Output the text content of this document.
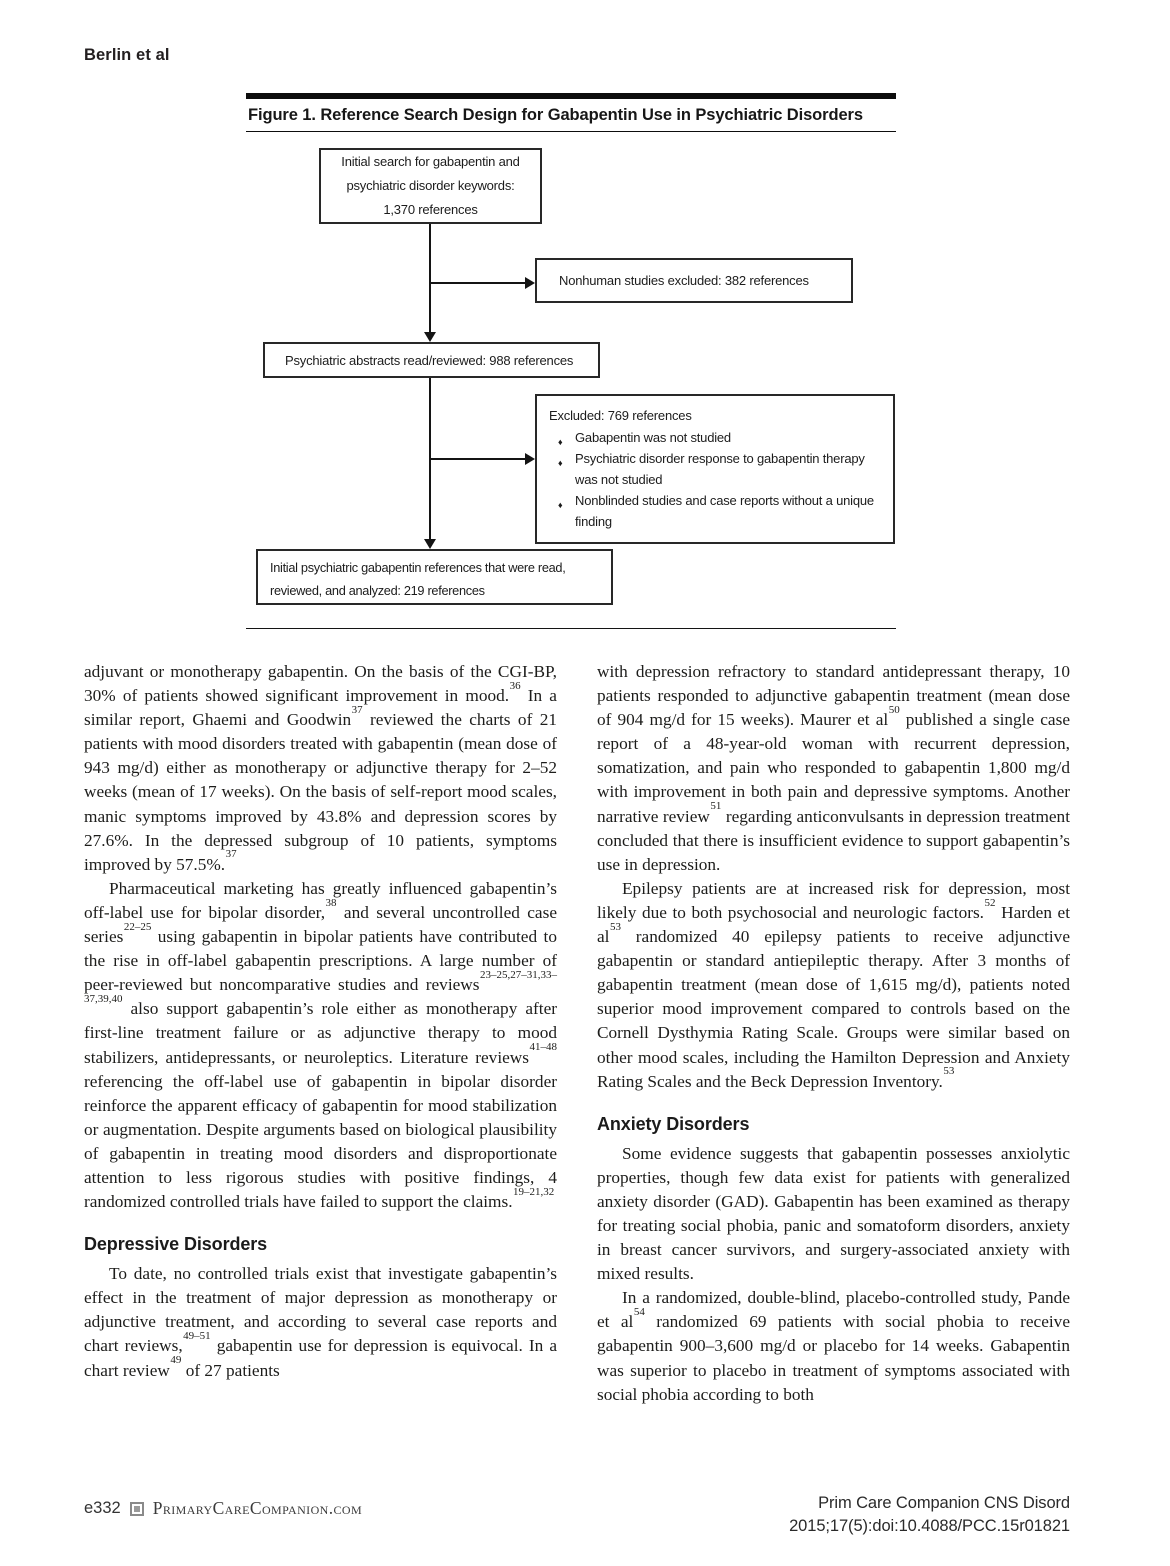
Berlin et al
Figure 1. Reference Search Design for Gabapentin Use in Psychiatric Disorders
Initial search for gabapentin and
psychiatric disorder keywords:
1,370 references
Nonhuman studies excluded: 382 references
Psychiatric abstracts read/reviewed: 988 references
Excluded: 769 references
♦ Gabapentin was not studied
♦ Psychiatric disorder response to gabapentin therapy was not studied
♦ Nonblinded studies and case reports without a unique finding
Initial psychiatric gabapentin references that were read,
reviewed, and analyzed: 219 references

adjuvant or monotherapy gabapentin. On the basis of the CGI-BP, 30% of patients showed significant improvement in mood.$^{36}$ In a similar report, Ghaemi and Goodwin$^{37}$ reviewed the charts of 21 patients with mood disorders treated with gabapentin (mean dose of 943 mg/d) either as monotherapy or adjunctive therapy for 2–52 weeks (mean of 17 weeks). On the basis of self-report mood scales, manic symptoms improved by 43.8% and depression scores by 27.6%. In the depressed subgroup of 10 patients, symptoms improved by 57.5%.$^{37}$

Pharmaceutical marketing has greatly influenced gabapentin’s off-label use for bipolar disorder,$^{38}$ and several uncontrolled case series$^{22-25}$ using gabapentin in bipolar patients have contributed to the rise in off-label gabapentin prescriptions. A large number of peer-reviewed but noncomparative studies and reviews$^{23-25,27-31,33-37,39,40}$ also support gabapentin’s role either as monotherapy after first-line treatment failure or as adjunctive therapy to mood stabilizers, antidepressants, or neuroleptics. Literature reviews$^{41-48}$ referencing the off-label use of gabapentin in bipolar disorder reinforce the apparent efficacy of gabapentin for mood stabilization or augmentation. Despite arguments based on biological plausibility of gabapentin in treating mood disorders and disproportionate attention to less rigorous studies with positive findings, 4 randomized controlled trials have failed to support the claims.$^{19-21,32}$

Depressive Disorders

To date, no controlled trials exist that investigate gabapentin’s effect in the treatment of major depression as monotherapy or adjunctive treatment, and according to several case reports and chart reviews,$^{49-51}$ gabapentin use for depression is equivocal. In a chart review$^{49}$ of 27 patients

with depression refractory to standard antidepressant therapy, 10 patients responded to adjunctive gabapentin treatment (mean dose of 904 mg/d for 15 weeks). Maurer et $al^{50}$ published a single case report of a 48-year-old woman with recurrent depression, somatization, and pain who responded to gabapentin 1,800 mg/d with improvement in both pain and depressive symptoms. Another narrative review$^{51}$ regarding anticonvulsants in depression treatment concluded that there is insufficient evidence to support gabapentin’s use in depression.

Epilepsy patients are at increased risk for depression, most likely due to both psychosocial and neurologic factors.$^{52}$ Harden et $al^{53}$ randomized 40 epilepsy patients to receive adjunctive gabapentin or standard antiepileptic therapy. After 3 months of gabapentin treatment (mean dose of 1,615 mg/d), patients noted superior mood improvement compared to controls based on the Cornell Dysthymia Rating Scale. Groups were similar based on other mood scales, including the Hamilton Depression and Anxiety Rating Scales and the Beck Depression Inventory.$^{53}$

Anxiety Disorders

Some evidence suggests that gabapentin possesses anxiolytic properties, though few data exist for patients with generalized anxiety disorder (GAD). Gabapentin has been examined as therapy for treating social phobia, panic and somatoform disorders, anxiety in breast cancer survivors, and surgery-associated anxiety with mixed results.

In a randomized, double-blind, placebo-controlled study, Pande et $al^{54}$ randomized 69 patients with social phobia to receive gabapentin 900–3,600 mg/d or placebo for 14 weeks. Gabapentin was superior to placebo in treatment of symptoms associated with social phobia according to both

e332 PrimaryCareCompanion.com	Prim Care Companion CNS Disord
2015;17(5):doi:10.4088/PCC.15r01821
